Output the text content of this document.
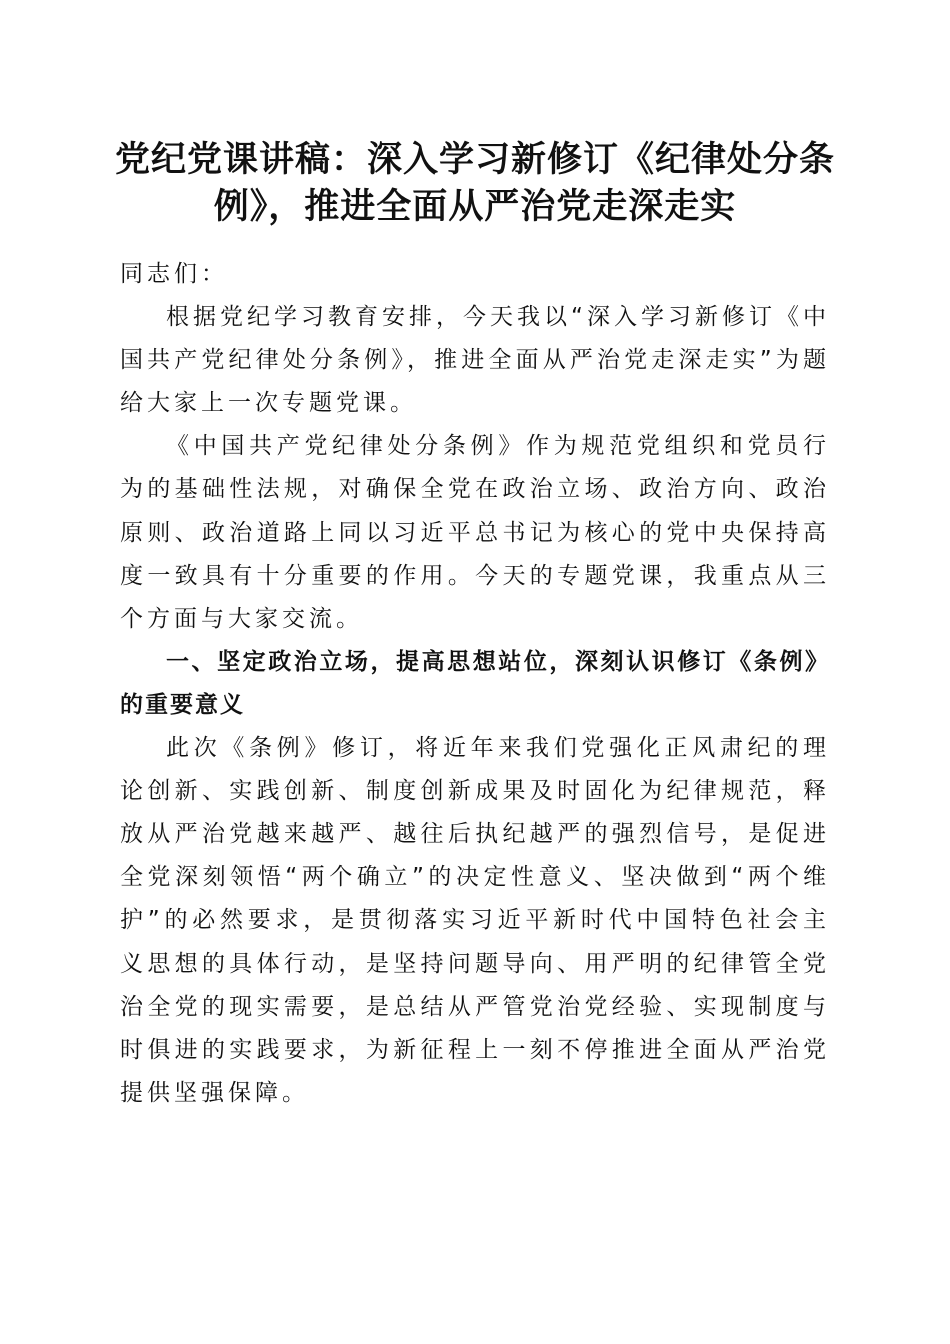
党纪党课讲稿：深入学习新修订《纪律处分条
例》，推进全面从严治党走深走实

同志们：

根据党纪学习教育安排，今天我以“深入学习新修订《中国共产党纪律处分条例》，推进全面从严治党走深走实”为题给大家上一次专题党课。

《中国共产党纪律处分条例》作为规范党组织和党员行为的基础性法规，对确保全党在政治立场、政治方向、政治原则、政治道路上同以习近平总书记为核心的党中央保持高度一致具有十分重要的作用。今天的专题党课，我重点从三个方面与大家交流。

一、坚定政治立场，提高思想站位，深刻认识修订《条例》的重要意义

此次《条例》修订，将近年来我们党强化正风肃纪的理论创新、实践创新、制度创新成果及时固化为纪律规范，释放从严治党越来越严、越往后执纪越严的强烈信号，是促进全党深刻领悟“两个确立”的决定性意义、坚决做到“两个维护”的必然要求，是贯彻落实习近平新时代中国特色社会主义思想的具体行动，是坚持问题导向、用严明的纪律管全党治全党的现实需要，是总结从严管党治党经验、实现制度与时俱进的实践要求，为新征程上一刻不停推进全面从严治党提供坚强保障。
